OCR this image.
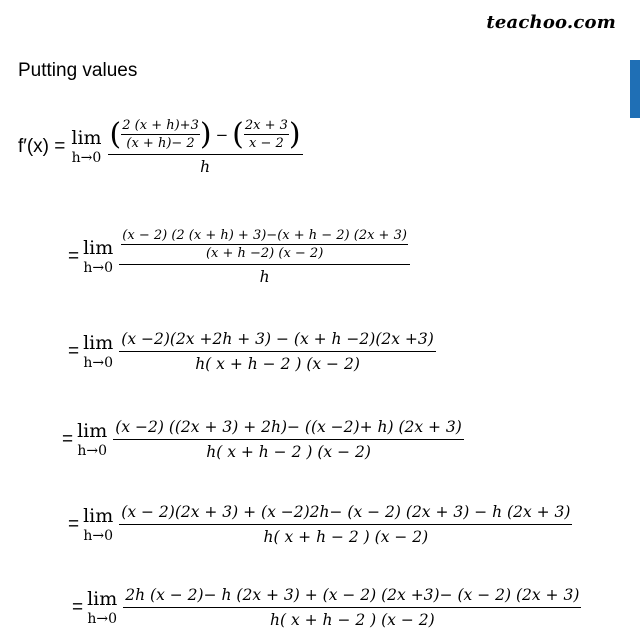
teachoo.com
Putting values
f′(x) = lim
h→0
( $\frac{2 (x + h)+3}{(x + h)- 2}$ ) − ( $\frac{2x + 3}{x - 2}$ )
h
= lim
h→0
$\frac{(x - 2) (2 (x + h) + 3)-(x + h - 2) (2x + 3)}{(x + h -2) (x - 2)}$
h
= lim
$h\to 0 \frac{(x -2)(2x +2h + 3) - (x + h -2)(2x +3)}{h( x + h - 2 ) (x - 2)}$
= lim
$h\to 0 \frac{(x -2) ((2x + 3) + 2h)- ((x -2)+ h) (2x + 3)}{h( x + h - 2 ) (x - 2)}$
= lim
$h\to 0 \frac{(x - 2)(2x + 3) + (x -2)2h- (x - 2) (2x + 3) - h (2x + 3)}{h( x + h - 2 ) (x - 2)}$
= lim
$h\to 0 \frac{2h (x - 2)- h (2x + 3) + (x - 2) (2x +3)- (x - 2) (2x + 3)}{h( x + h - 2 ) (x - 2)}$
